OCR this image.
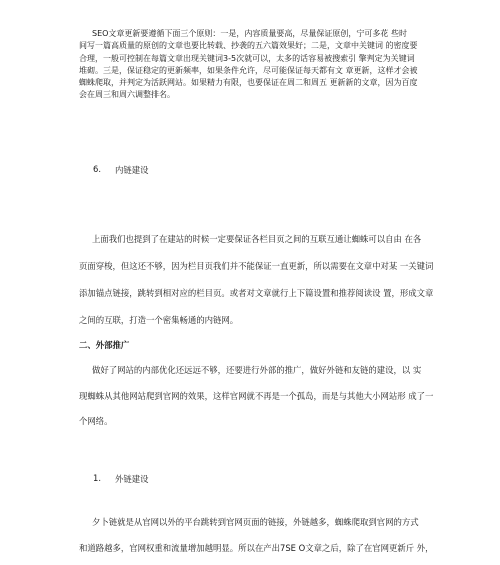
SEO文章更新要遵循下面三个原则：一是，内容质量要高，尽量保证原创，宁可多花 些时
间写一篇高质量的原创的文章也要比转载、抄袭的五六篇效果好；二是，文章中关键词 的密度要
合理，一般可控制在每篇文章出现关键词3-5次就可以，太多的话容易被搜索引 擎判定为关键词
堆砌。三是，保证稳定的更新频率，如果条件允许，尽可能保证每天都有文 章更新，这样才会被
蜘蛛爬取，并判定为活跃网站。如果精力有限，也要保证在周二和周五 更新新的文章，因为百度
会在周三和周六调整排名。
6. 内链建设
上面我们也提到了在建站的时候一定要保证各栏目页之间的互联互通让蜘蛛可以自由 在各
页面穿梭，但这还不够，因为栏目页我们并不能保证一直更新，所以需要在文章中对某 一关键词
添加锚点链接，跳转到相对应的栏目页。或者对文章就行上下篇设置和推荐阅读设 置，形成文章
之间的互联，打造一个密集畅通的内链网。
二、外部推广
做好了网站的内部优化还远远不够，还要进行外部的推广，做好外链和友链的建设，以 实
现蜘蛛从其他网站爬到官网的效果，这样官网就不再是一个孤岛，而是与其他大小网站形 成了一
个网络。
1. 外链建设
夕卜链就是从官网以外的平台跳转到官网页面的链接，外链越多，蜘蛛爬取到官网的方式
和道路越多，官网权重和流量增加越明显。所以在产出7SE O文章之后，除了在官网更新斤 外，
